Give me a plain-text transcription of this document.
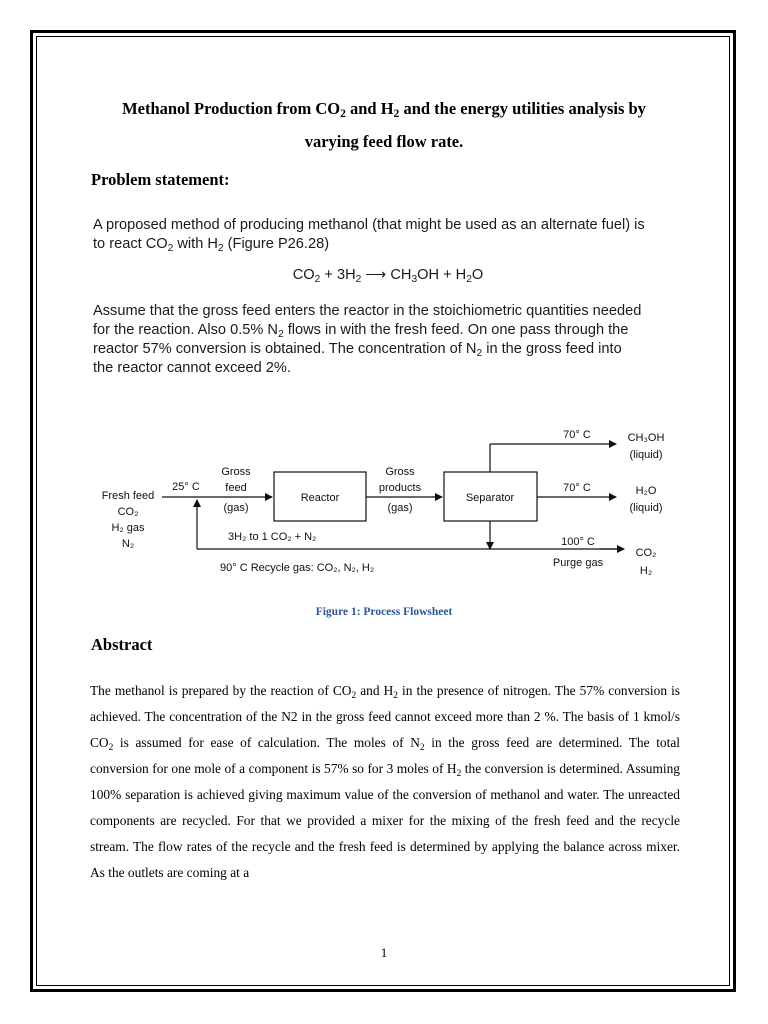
Methanol Production from $CO_2$ and $H_2$ and the energy utilities analysis by
varying feed flow rate.
Problem statement:
A proposed method of producing methanol (that might be used as an alternate fuel) is
to react $CO_2$ with $H_2$ (Figure P26.28)
$CO_2 + 3H_2$ ⟶ $CH_3OH + H_2O$
Assume that the gross feed enters the reactor in the stoichiometric quantities needed
for the reaction. Also 0.5% $N_2$ flows in with the fresh feed. On one pass through the
reactor 57% conversion is obtained. The concentration of $N_2$ in the gross feed into
the reactor cannot exceed 2%.
Fresh feed
CO₂
H₂ gas
N₂
25° C
Gross
feed
(gas)
Reactor
Gross
products
(gas)
Separator
3H₂ to 1 CO₂ + N₂
90° C Recycle gas: CO₂, N₂, H₂
70° C	CH₃OH
(liquid)
70° C	H₂O
(liquid)
100° C
Purge gas
CO₂
H₂
Figure 1: Process Flowsheet
Abstract
The methanol is prepared by the reaction of $CO_2$ and $H_2$ in the presence of nitrogen. The 57% conversion is achieved. The concentration of the N2 in the gross feed cannot exceed more than 2 %. The basis of 1 kmol/s $CO_2$ is assumed for ease of calculation. The moles of $N_2$ in the gross feed are determined. The total conversion for one mole of a component is 57% so for 3 moles of $H_2$ the conversion is determined. Assuming 100% separation is achieved giving maximum value of the conversion of methanol and water. The unreacted components are recycled. For that we provided a mixer for the mixing of the fresh feed and the recycle stream. The flow rates of the recycle and the fresh feed is determined by applying the balance across mixer. As the outlets are coming at a
1
